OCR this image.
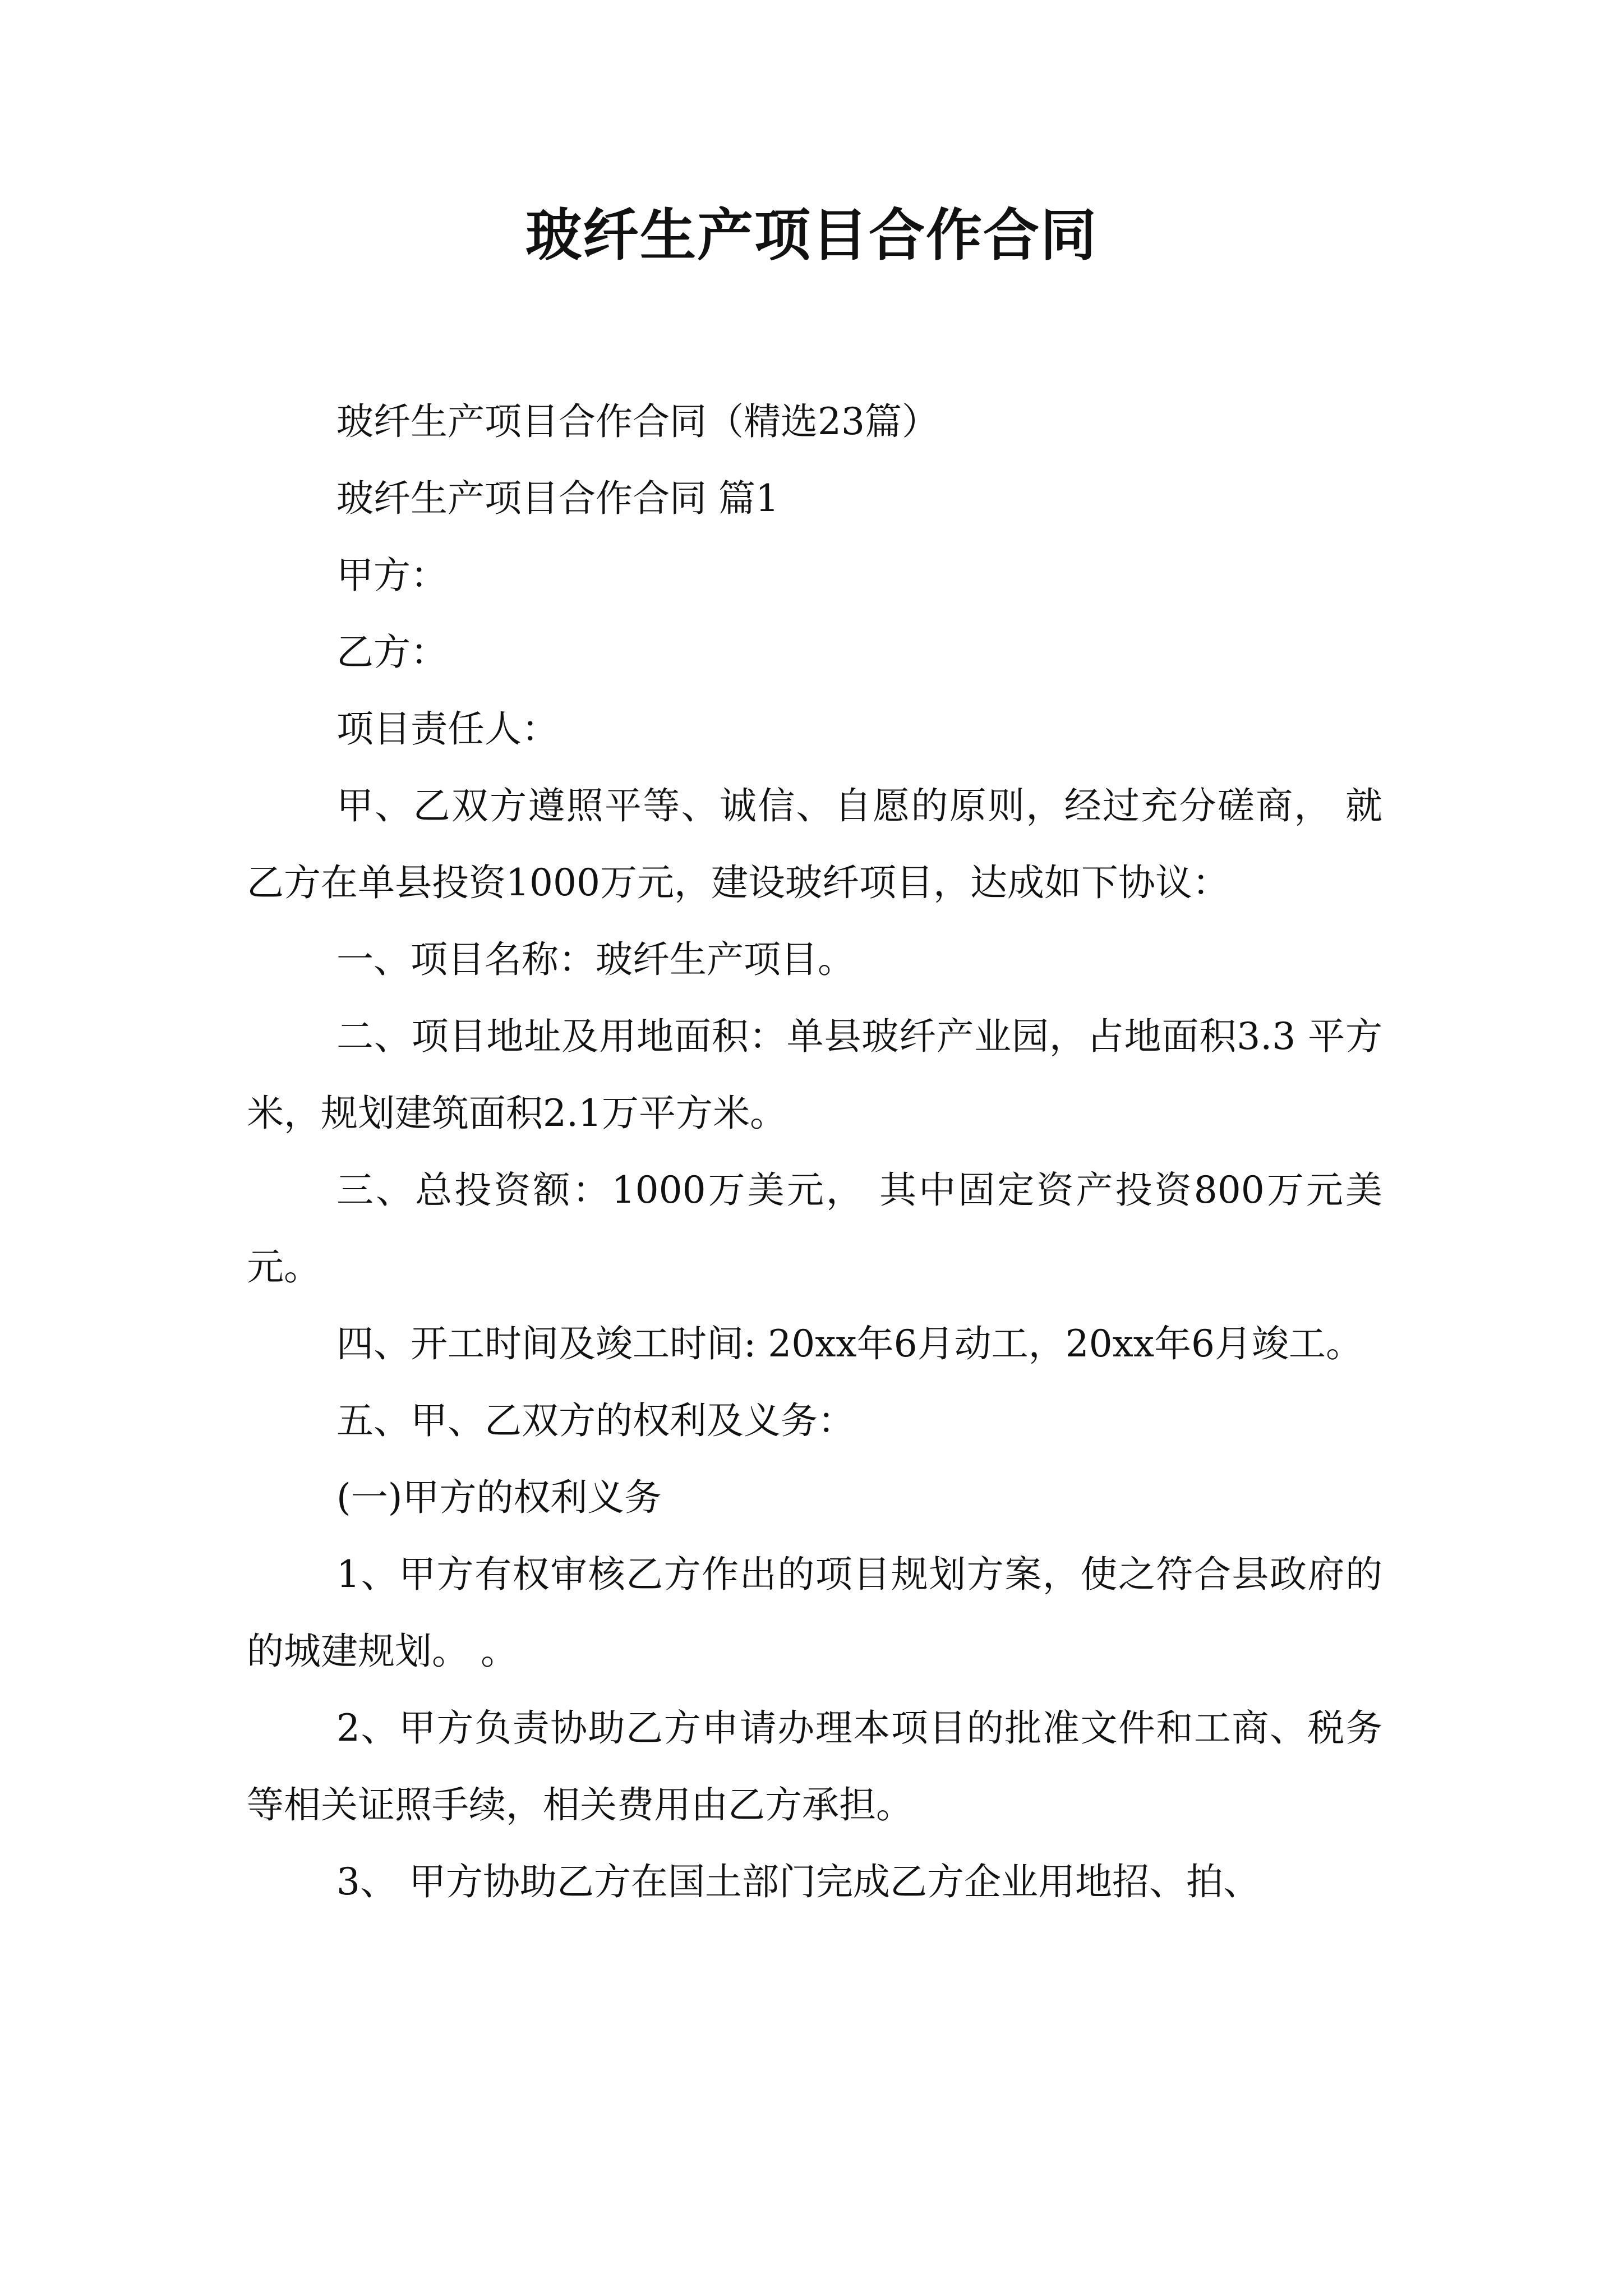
玻纤生产项目合作合同

玻纤生产项目合作合同（精选23篇）

玻纤生产项目合作合同 篇1

甲方：

乙方：

项目责任人：

甲、乙双方遵照平等、诚信、自愿的原则，经过充分磋商， 就乙方在单县投资1000万元，建设玻纤项目，达成如下协议：

一、项目名称：玻纤生产项目。

二、项目地址及用地面积：单县玻纤产业园，占地面积3.3 平方米，规划建筑面积2.1万平方米。

三、总投资额：1000万美元， 其中固定资产投资800万元美元。

四、开工时间及竣工时间: 20xx年6月动工，20xx年6月竣工。

五、甲、乙双方的权利及义务：

(一)甲方的权利义务

1、甲方有权审核乙方作出的项目规划方案，使之符合县政府的的城建规划。 。

2、甲方负责协助乙方申请办理本项目的批准文件和工商、税务等相关证照手续，相关费用由乙方承担。

3、 甲方协助乙方在国土部门完成乙方企业用地招、拍、
